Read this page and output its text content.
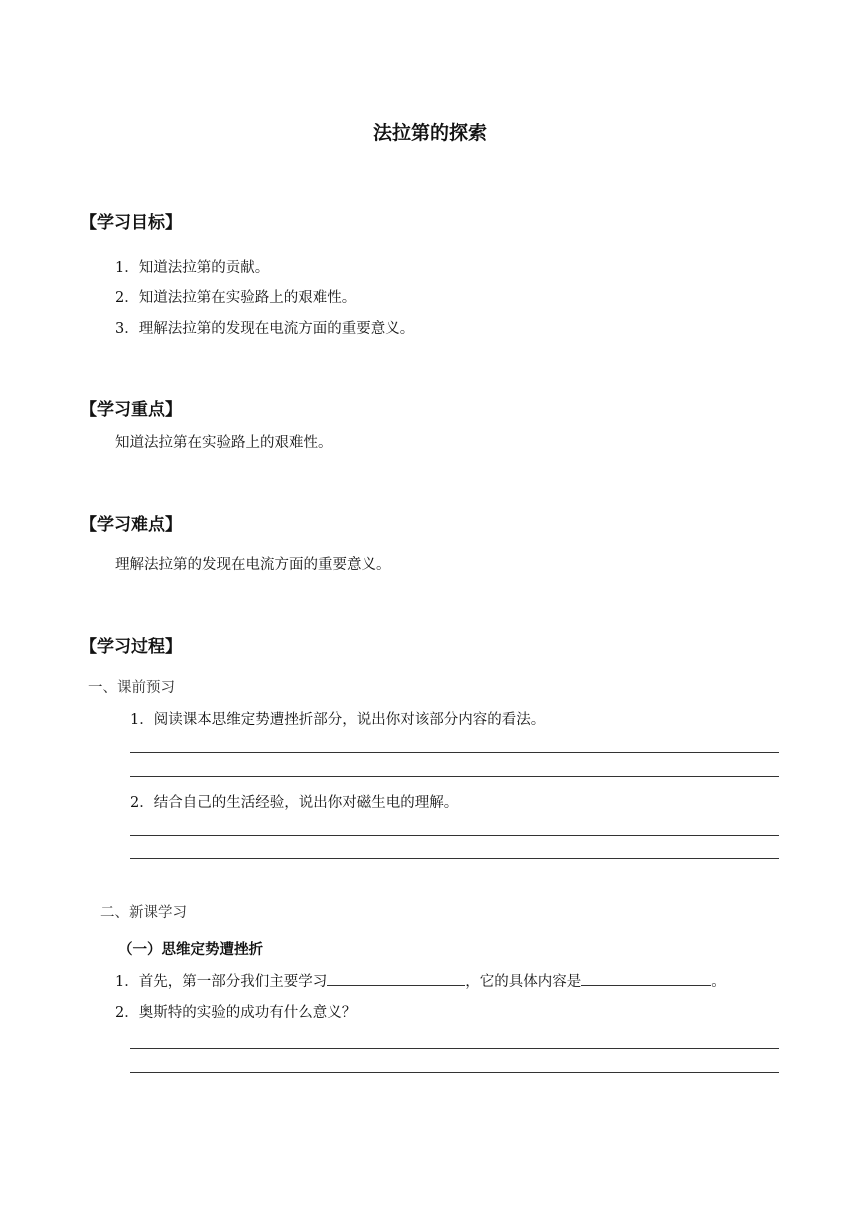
法拉第的探索
【学习目标】
1．知道法拉第的贡献。
2．知道法拉第在实验路上的艰难性。
3．理解法拉第的发现在电流方面的重要意义。
【学习重点】
知道法拉第在实验路上的艰难性。
【学习难点】
理解法拉第的发现在电流方面的重要意义。
【学习过程】
一、课前预习
1．阅读课本思维定势遭挫折部分，说出你对该部分内容的看法。
2．结合自己的生活经验，说出你对磁生电的理解。
二、新课学习
（一）思维定势遭挫折
1．首先，第一部分我们主要学习	，它的具体内容是	。
2．奥斯特的实验的成功有什么意义？
